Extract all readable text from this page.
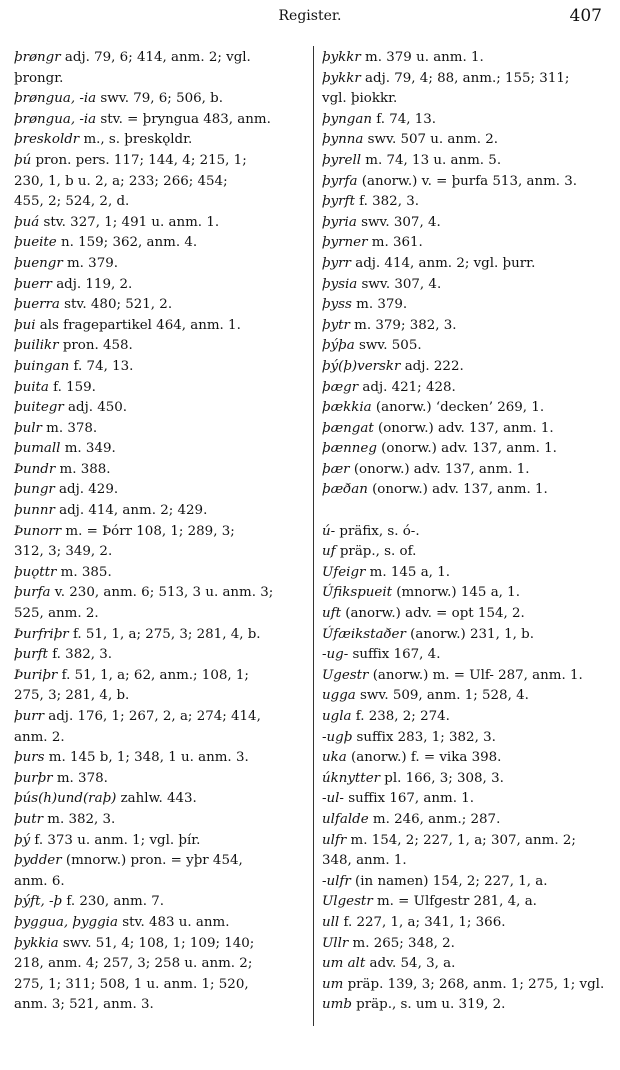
Register.	407
þrøngr adj. 79, 6; 414, anm. 2; vgl.
þrongr.
þrøngua, -ia swv. 79, 6; 506, b.
þrøngua, -ia stv. = þryngua 483, anm.
þreskoldr m., s. þreskǫldr.
þú pron. pers. 117; 144, 4; 215, 1;
230, 1, b u. 2, a; 233; 266; 454;
455, 2; 524, 2, d.
þuá stv. 327, 1; 491 u. anm. 1.
þueite n. 159; 362, anm. 4.
þuengr m. 379.
þuerr adj. 119, 2.
þuerra stv. 480; 521, 2.
þui als fragepartikel 464, anm. 1.
þuilikr pron. 458.
þuingan f. 74, 13.
þuita f. 159.
þuitegr adj. 450.
þulr m. 378.
þumall m. 349.
Þundr m. 388.
þungr adj. 429.
þunnr adj. 414, anm. 2; 429.
Þunorr m. = Þórr 108, 1; 289, 3;
312, 3; 349, 2.
þuǫttr m. 385.
þurfa v. 230, anm. 6; 513, 3 u. anm. 3;
525, anm. 2.
Þurfriþr f. 51, 1, a; 275, 3; 281, 4, b.
þurft f. 382, 3.
Þuriþr f. 51, 1, a; 62, anm.; 108, 1;
275, 3; 281, 4, b.
þurr adj. 176, 1; 267, 2, a; 274; 414,
anm. 2.
þurs m. 145 b, 1; 348, 1 u. anm. 3.
þurþr m. 378.
þús(h)und(raþ) zahlw. 443.
þutr m. 382, 3.
þý f. 373 u. anm. 1; vgl. þír.
þydder (mnorw.) pron. = yþr 454,
anm. 6.
þýft, -þ f. 230, anm. 7.
þyggua, þyggia stv. 483 u. anm.
þykkia swv. 51, 4; 108, 1; 109; 140;
218, anm. 4; 257, 3; 258 u. anm. 2;
275, 1; 311; 508, 1 u. anm. 1; 520,
anm. 3; 521, anm. 3.
þykkr m. 379 u. anm. 1.
þykkr adj. 79, 4; 88, anm.; 155; 311;
vgl. þiokkr.
þyngan f. 74, 13.
þynna swv. 507 u. anm. 2.
þyrell m. 74, 13 u. anm. 5.
þyrfa (anorw.) v. = þurfa 513, anm. 3.
þyrft f. 382, 3.
þyria swv. 307, 4.
þyrner m. 361.
þyrr adj. 414, anm. 2; vgl. þurr.
þysia swv. 307, 4.
þyss m. 379.
þytr m. 379; 382, 3.
þýþa swv. 505.
þý(þ)verskr adj. 222.
þægr adj. 421; 428.
þækkia (anorw.) ‘decken’ 269, 1.
þængat (onorw.) adv. 137, anm. 1.
þænneg (onorw.) adv. 137, anm. 1.
þær (onorw.) adv. 137, anm. 1.
þæðan (onorw.) adv. 137, anm. 1.
ú- präfix, s. ó-.
uf präp., s. of.
Ufeigr m. 145 a, 1.
Úfikspueit (mnorw.) 145 a, 1.
uft (anorw.) adv. = opt 154, 2.
Úfæikstaðer (anorw.) 231, 1, b.
-ug- suffix 167, 4.
Ugestr (anorw.) m. = Ulf- 287, anm. 1.
ugga swv. 509, anm. 1; 528, 4.
ugla f. 238, 2; 274.
-ugþ suffix 283, 1; 382, 3.
uka (anorw.) f. = vika 398.
úknytter pl. 166, 3; 308, 3.
-ul- suffix 167, anm. 1.
ulfalde m. 246, anm.; 287.
ulfr m. 154, 2; 227, 1, a; 307, anm. 2;
348, anm. 1.
-ulfr (in namen) 154, 2; 227, 1, a.
Ulgestr m. = Ulfgestr 281, 4, a.
ull f. 227, 1, a; 341, 1; 366.
Ullr m. 265; 348, 2.
um alt adv. 54, 3, a.
um präp. 139, 3; 268, anm. 1; 275, 1; vgl.
umb präp., s. um u. 319, 2.
